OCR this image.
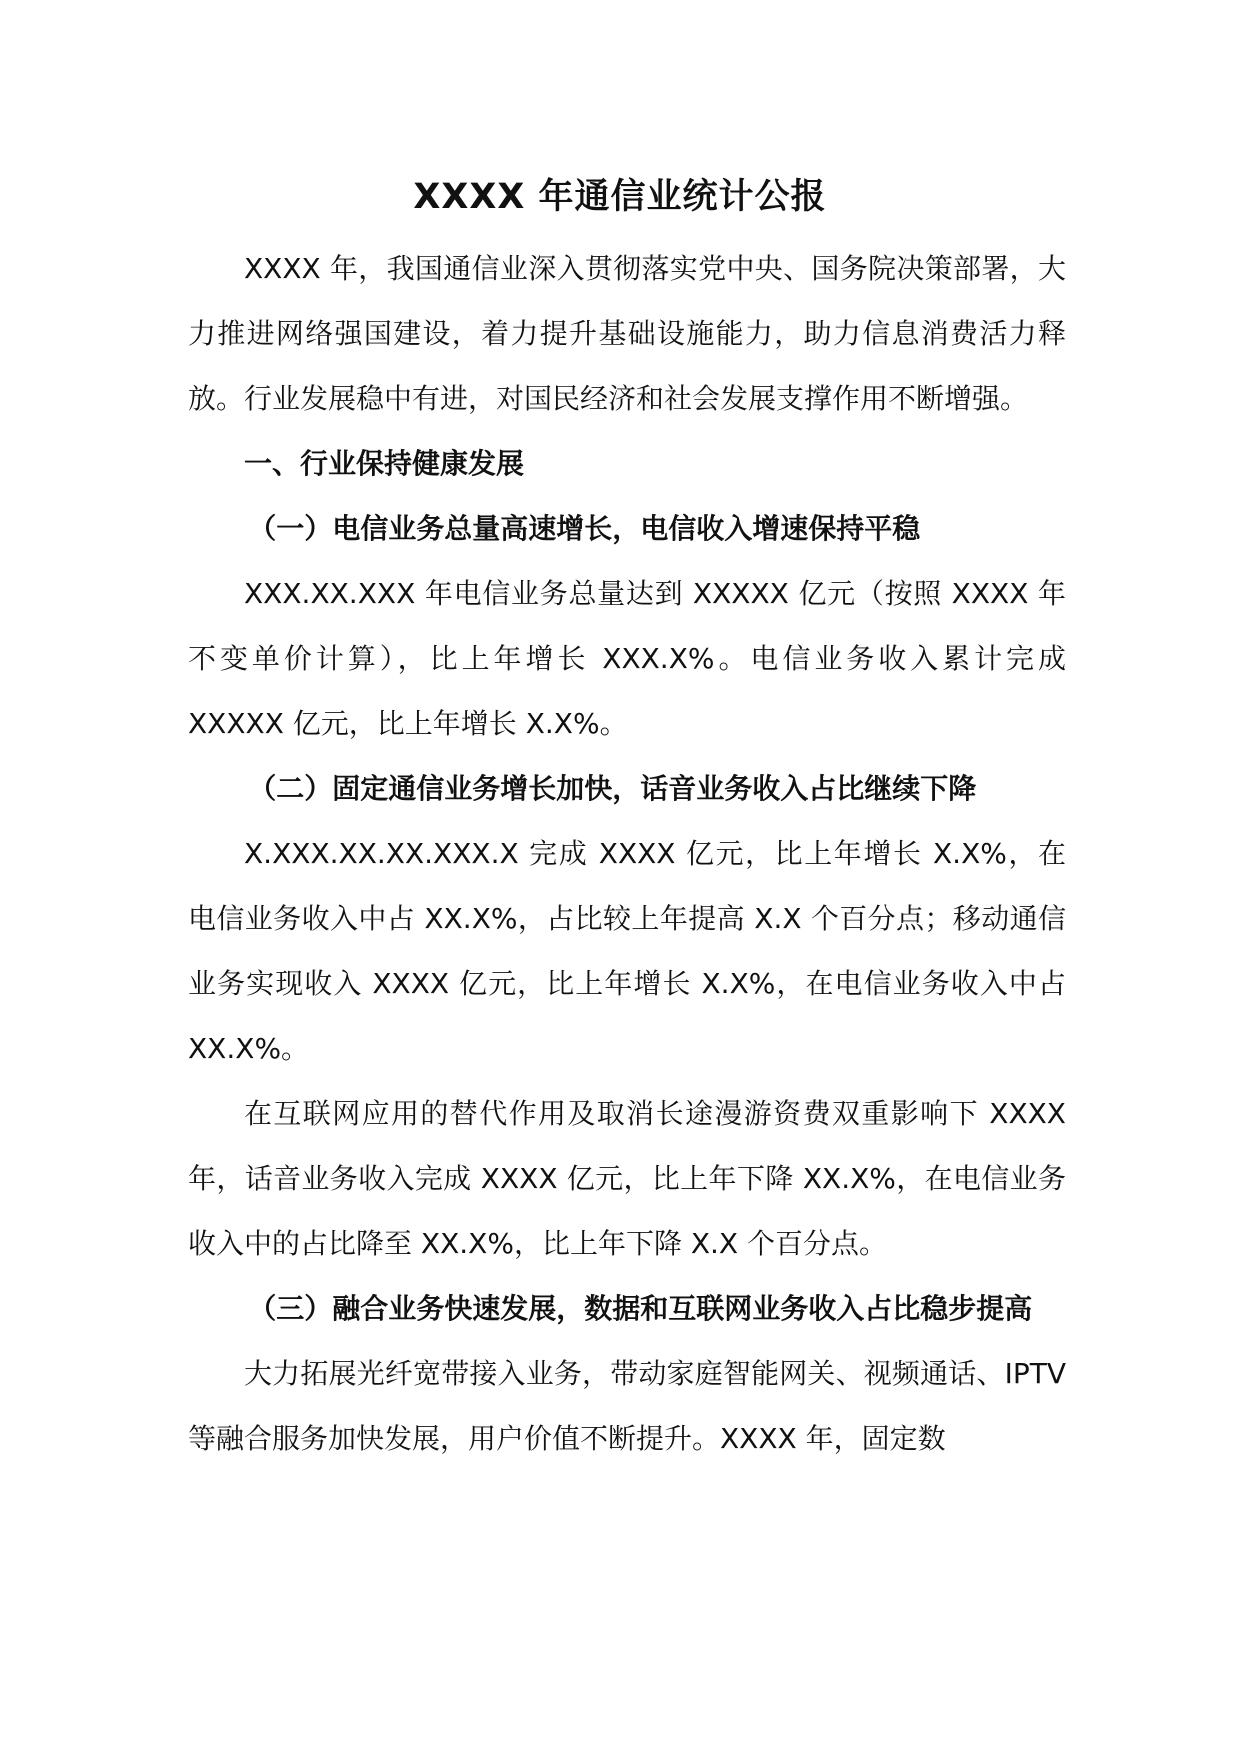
XXXX 年通信业统计公报

XXXX 年，我国通信业深入贯彻落实党中央、国务院决策部署，大力推进网络强国建设，着力提升基础设施能力，助力信息消费活力释放。行业发展稳中有进，对国民经济和社会发展支撑作用不断增强。

一、行业保持健康发展

（一）电信业务总量高速增长，电信收入增速保持平稳

XXX.XX.XXX 年电信业务总量达到 XXXXX 亿元（按照 XXXX 年不变单价计算），比上年增长 XXX.X%。电信业务收入累计完成 XXXXX 亿元，比上年增长 X.X%。

（二）固定通信业务增长加快，话音业务收入占比继续下降

X.XXX.XX.XX.XXX.X 完成 XXXX 亿元，比上年增长 X.X%，在电信业务收入中占 XX.X%，占比较上年提高 X.X 个百分点；移动通信业务实现收入 XXXX 亿元，比上年增长 X.X%，在电信业务收入中占 XX.X%。

在互联网应用的替代作用及取消长途漫游资费双重影响下 XXXX 年，话音业务收入完成 XXXX 亿元，比上年下降 XX.X%，在电信业务收入中的占比降至 XX.X%，比上年下降 X.X 个百分点。

（三）融合业务快速发展，数据和互联网业务收入占比稳步提高

大力拓展光纤宽带接入业务，带动家庭智能网关、视频通话、IPTV 等融合服务加快发展，用户价值不断提升。XXXX 年，固定数
